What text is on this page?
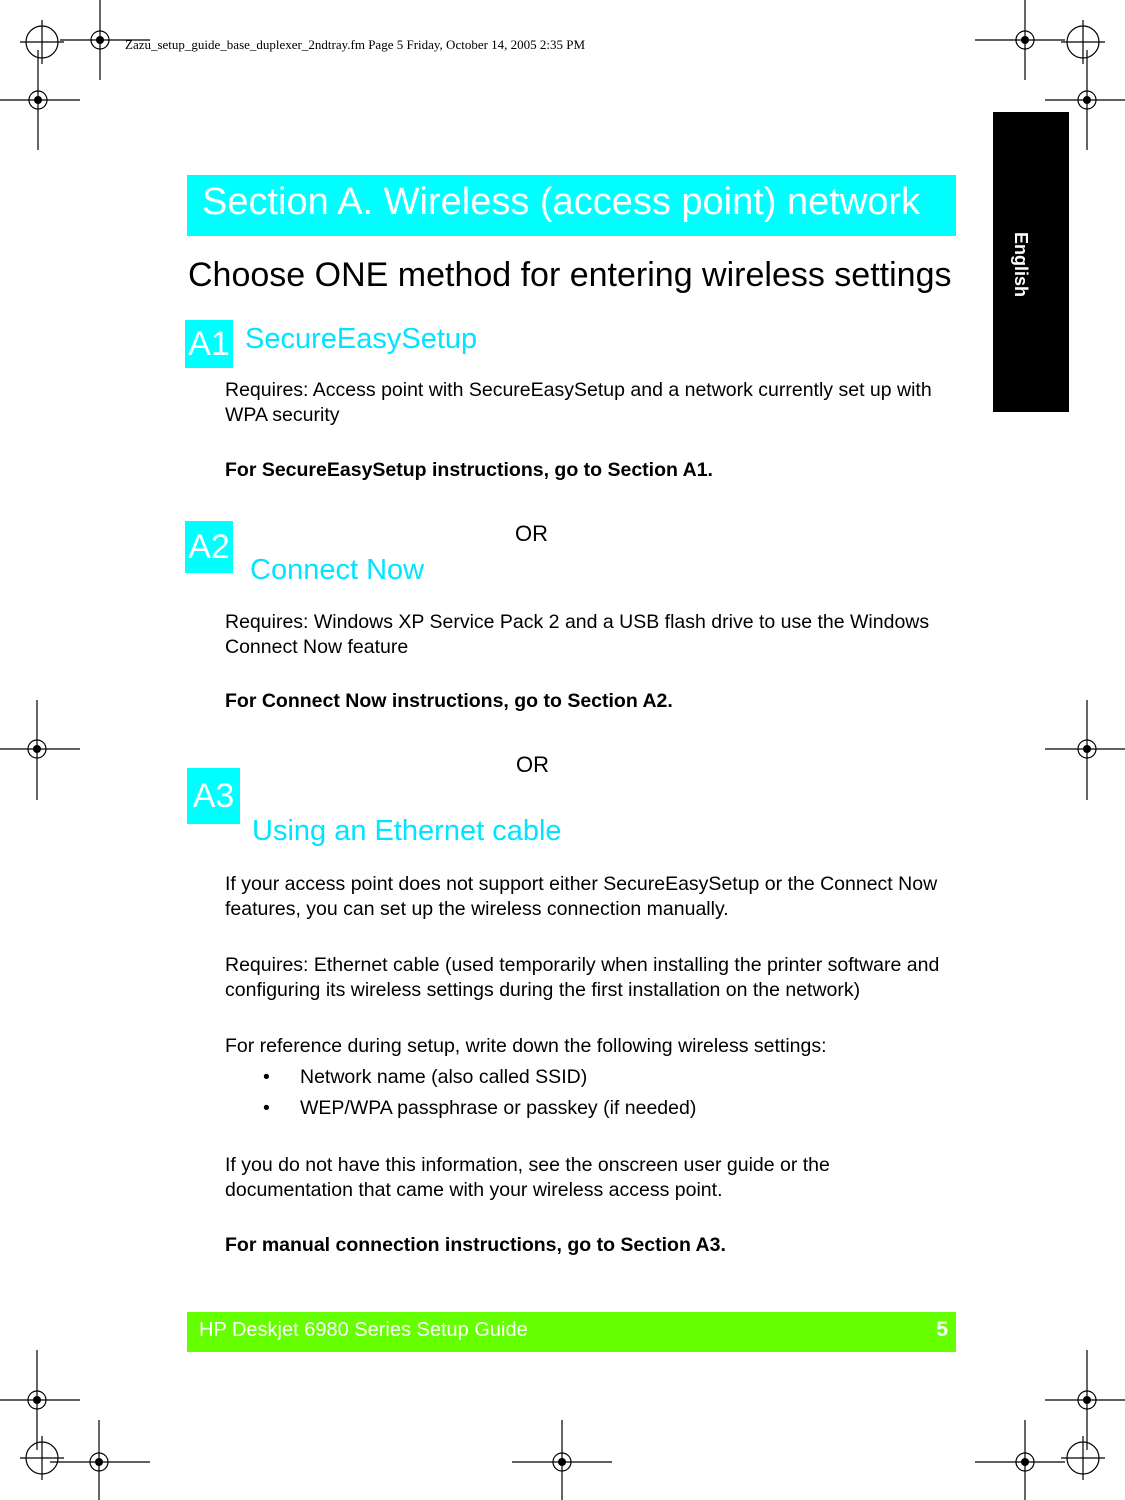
Zazu_setup_guide_base_duplexer_2ndtray.fm Page 5 Friday, October 14, 2005 2:35 PM
English
Section A. Wireless (access point) network
Choose ONE method for entering wireless settings
A1 SecureEasySetup
Requires: Access point with SecureEasySetup and a network currently set up with WPA security
For SecureEasySetup instructions, go to Section A1.
OR
A2
Connect Now
Requires: Windows XP Service Pack 2 and a USB flash drive to use the Windows Connect Now feature
For Connect Now instructions, go to Section A2.
OR
A3
Using an Ethernet cable
If your access point does not support either SecureEasySetup or the Connect Now features, you can set up the wireless connection manually.
Requires: Ethernet cable (used temporarily when installing the printer software and configuring its wireless settings during the first installation on the network)
For reference during setup, write down the following wireless settings:
• Network name (also called SSID)
• WEP/WPA passphrase or passkey (if needed)
If you do not have this information, see the onscreen user guide or the documentation that came with your wireless access point.
For manual connection instructions, go to Section A3.
HP Deskjet 6980 Series Setup Guide	5
